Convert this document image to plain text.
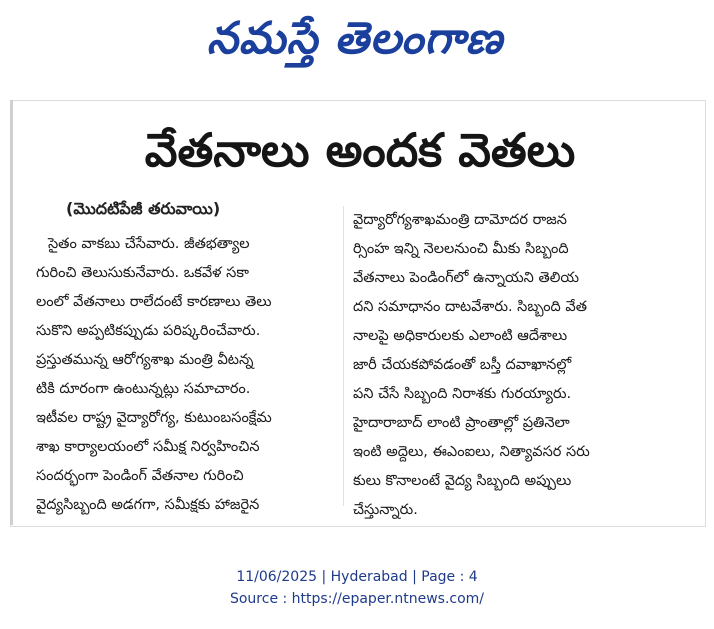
నమస్తే తెలంగాణ
వేతనాలు అందక వెతలు
(మొదటిపేజీ తరువాయి)
సైతం వాకబు చేసేవారు. జీతభత్యాల
గురించి తెలుసుకునేవారు. ఒకవేళ సకా
లంలో వేతనాలు రాలేదంటే కారణాలు తెలు
సుకొని అప్పటికప్పుడు పరిష్కరించేవారు.
ప్రస్తుతమున్న ఆరోగ్యశాఖ మంత్రి వీటన్న
టికి దూరంగా ఉంటున్నట్లు సమాచారం.
ఇటీవల రాష్ట్ర వైద్యారోగ్య, కుటుంబసంక్షేమ
శాఖ కార్యాలయంలో సమీక్ష నిర్వహించిన
సందర్భంగా పెండింగ్ వేతనాల గురించి
వైద్యసిబ్బంది అడగగా, సమీక్షకు హాజరైన
వైద్యారోగ్యశాఖమంత్రి దామోదర రాజన
ర్సింహ ఇన్ని నెలలనుంచి మీకు సిబ్బంది
వేతనాలు పెండింగ్‌లో ఉన్నాయని తెలియ
దని సమాధానం దాటవేశారు. సిబ్బంది వేత
నాలపై అధికారులకు ఎలాంటి ఆదేశాలు
జారీ చేయకపోవడంతో బస్తీ దవాఖానల్లో
పని చేసే సిబ్బంది నిరాశకు గురయ్యారు.
హైదారాబాద్ లాంటి ప్రాంతాల్లో ప్రతినెలా
ఇంటి అద్దెలు, ఈఎంఐలు, నిత్యావసర సరు
కులు కొనాలంటే వైద్య సిబ్బంది అప్పులు
చేస్తున్నారు.
11/06/2025 | Hyderabad | Page : 4
Source : https://epaper.ntnews.com/
